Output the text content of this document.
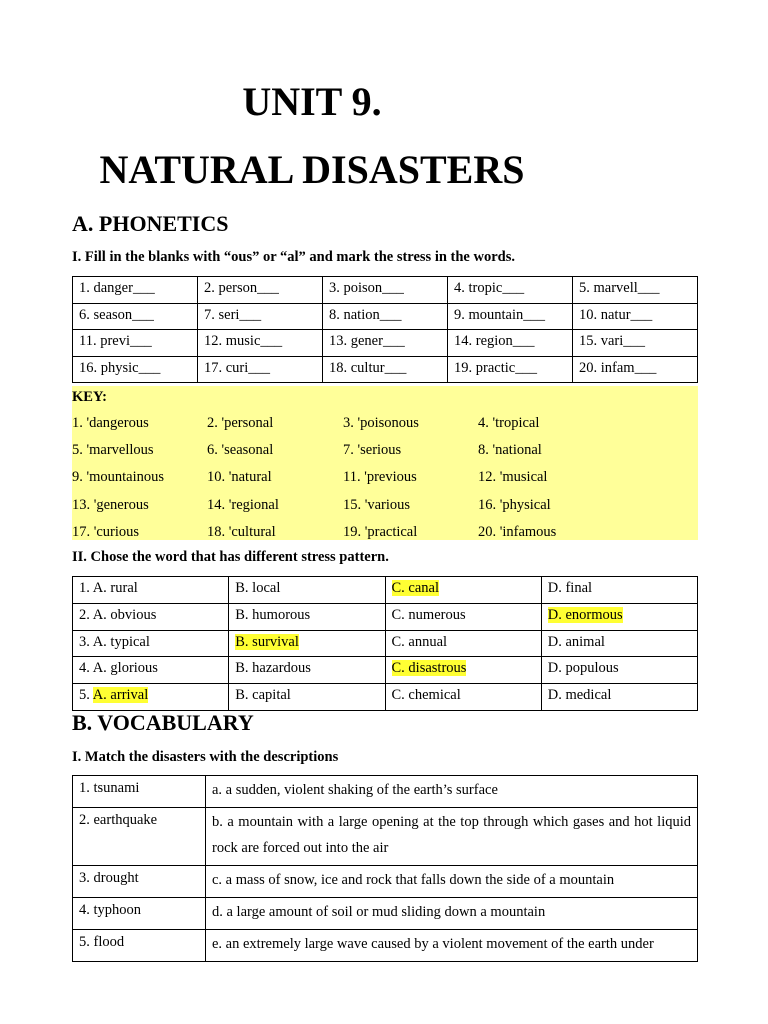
UNIT 9.
NATURAL DISASTERS
A. PHONETICS
I. Fill in the blanks with “ous” or “al” and mark the stress in the words.
1. danger___	2. person___	3. poison___	4. tropic___	5. marvell___
6. season___	7. seri___	8. nation___	9. mountain___	10. natur___
11. previ___	12. music___	13. gener___	14. region___	15. vari___
16. physic___	17. curi___	18. cultur___	19. practic___	20. infam___
KEY:
1. 'dangerous	2. 'personal	3. 'poisonous	4. 'tropical
5. 'marvellous	6. 'seasonal	7. 'serious	8. 'national
9. 'mountainous	10. 'natural	11. 'previous	12. 'musical
13. 'generous	14. 'regional	15. 'various	16. 'physical
17. 'curious	18. 'cultural	19. 'practical	20. 'infamous
II. Chose the word that has different stress pattern.
1. A. rural	B. local	C. canal	D. final
2. A. obvious	B. humorous	C. numerous	D. enormous
3. A. typical	B. survival	C. annual	D. animal
4. A. glorious	B. hazardous	C. disastrous	D. populous
5. A. arrival	B. capital	C. chemical	D. medical
B. VOCABULARY
I. Match the disasters with the descriptions
1. tsunami	a. a sudden, violent shaking of the earth’s surface
2. earthquake	b. a mountain with a large opening at the top through which gases and hot liquid rock are forced out into the air
3. drought	c. a mass of snow, ice and rock that falls down the side of a mountain
4. typhoon	d. a large amount of soil or mud sliding down a mountain
5. flood	e. an extremely large wave caused by a violent movement of the earth under
